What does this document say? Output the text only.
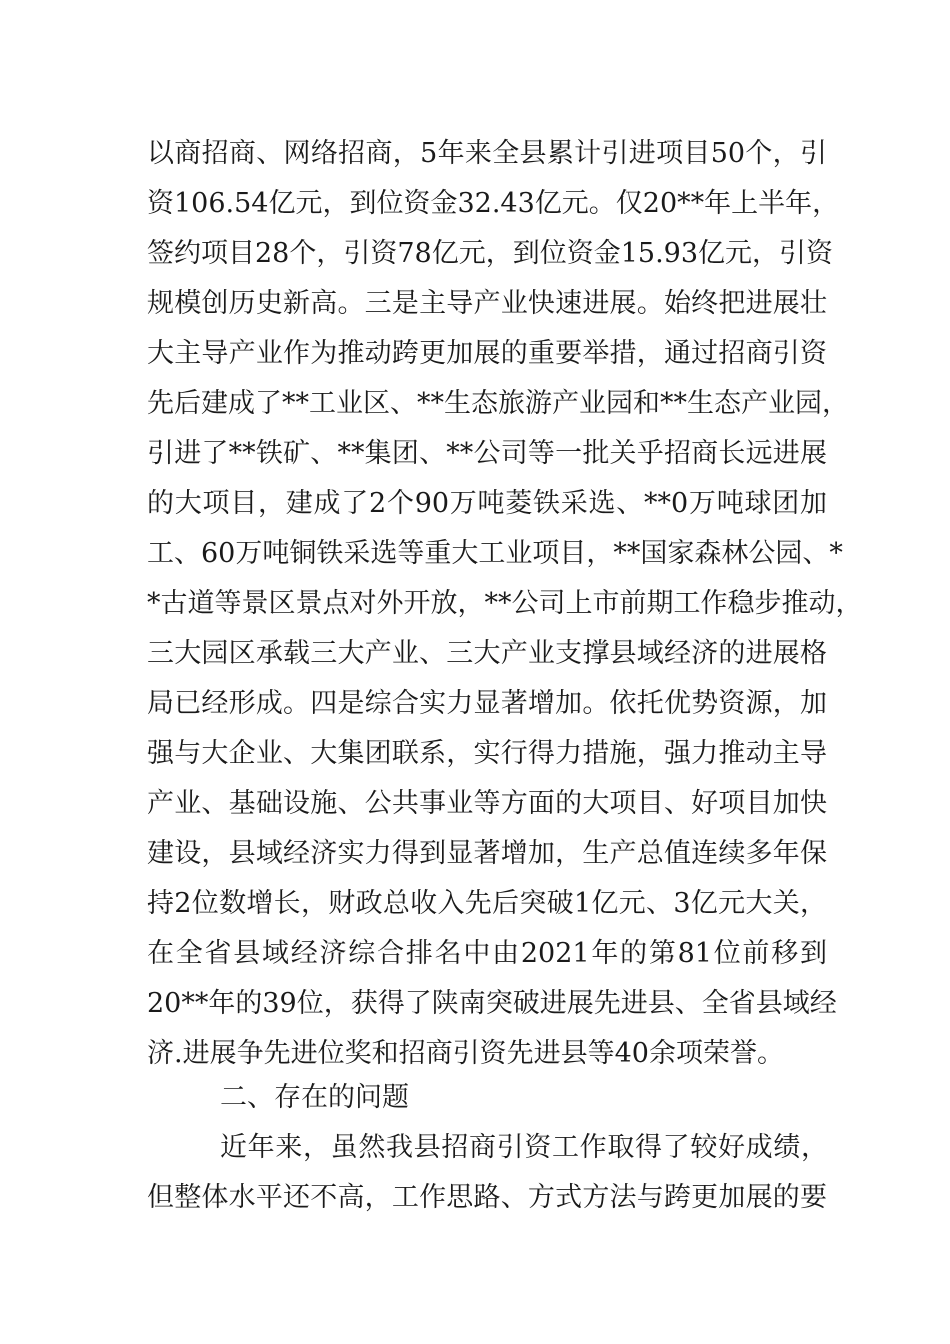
以商招商、网络招商，5年来全县累计引进项目50个，引
资106.54亿元，到位资金32.43亿元。仅20**年上半年，
签约项目28个，引资78亿元，到位资金15.93亿元，引资
规模创历史新高。三是主导产业快速进展。始终把进展壮
大主导产业作为推动跨更加展的重要举措，通过招商引资
先后建成了**工业区、**生态旅游产业园和**生态产业园，
引进了**铁矿、**集团、**公司等一批关乎招商长远进展
的大项目，建成了2个90万吨菱铁采选、**0万吨球团加
工、60万吨铜铁采选等重大工业项目，**国家森林公园、*
*古道等景区景点对外开放，**公司上市前期工作稳步推动，
三大园区承载三大产业、三大产业支撑县域经济的进展格
局已经形成。四是综合实力显著增加。依托优势资源，加
强与大企业、大集团联系，实行得力措施，强力推动主导
产业、基础设施、公共事业等方面的大项目、好项目加快
建设，县域经济实力得到显著增加，生产总值连续多年保
持2位数增长，财政总收入先后突破1亿元、3亿元大关，
在全省县域经济综合排名中由2021年的第81位前移到
20**年的39位，获得了陕南突破进展先进县、全省县域经
济.进展争先进位奖和招商引资先进县等40余项荣誉。
二、存在的问题
近年来，虽然我县招商引资工作取得了较好成绩，
但整体水平还不高，工作思路、方式方法与跨更加展的要
